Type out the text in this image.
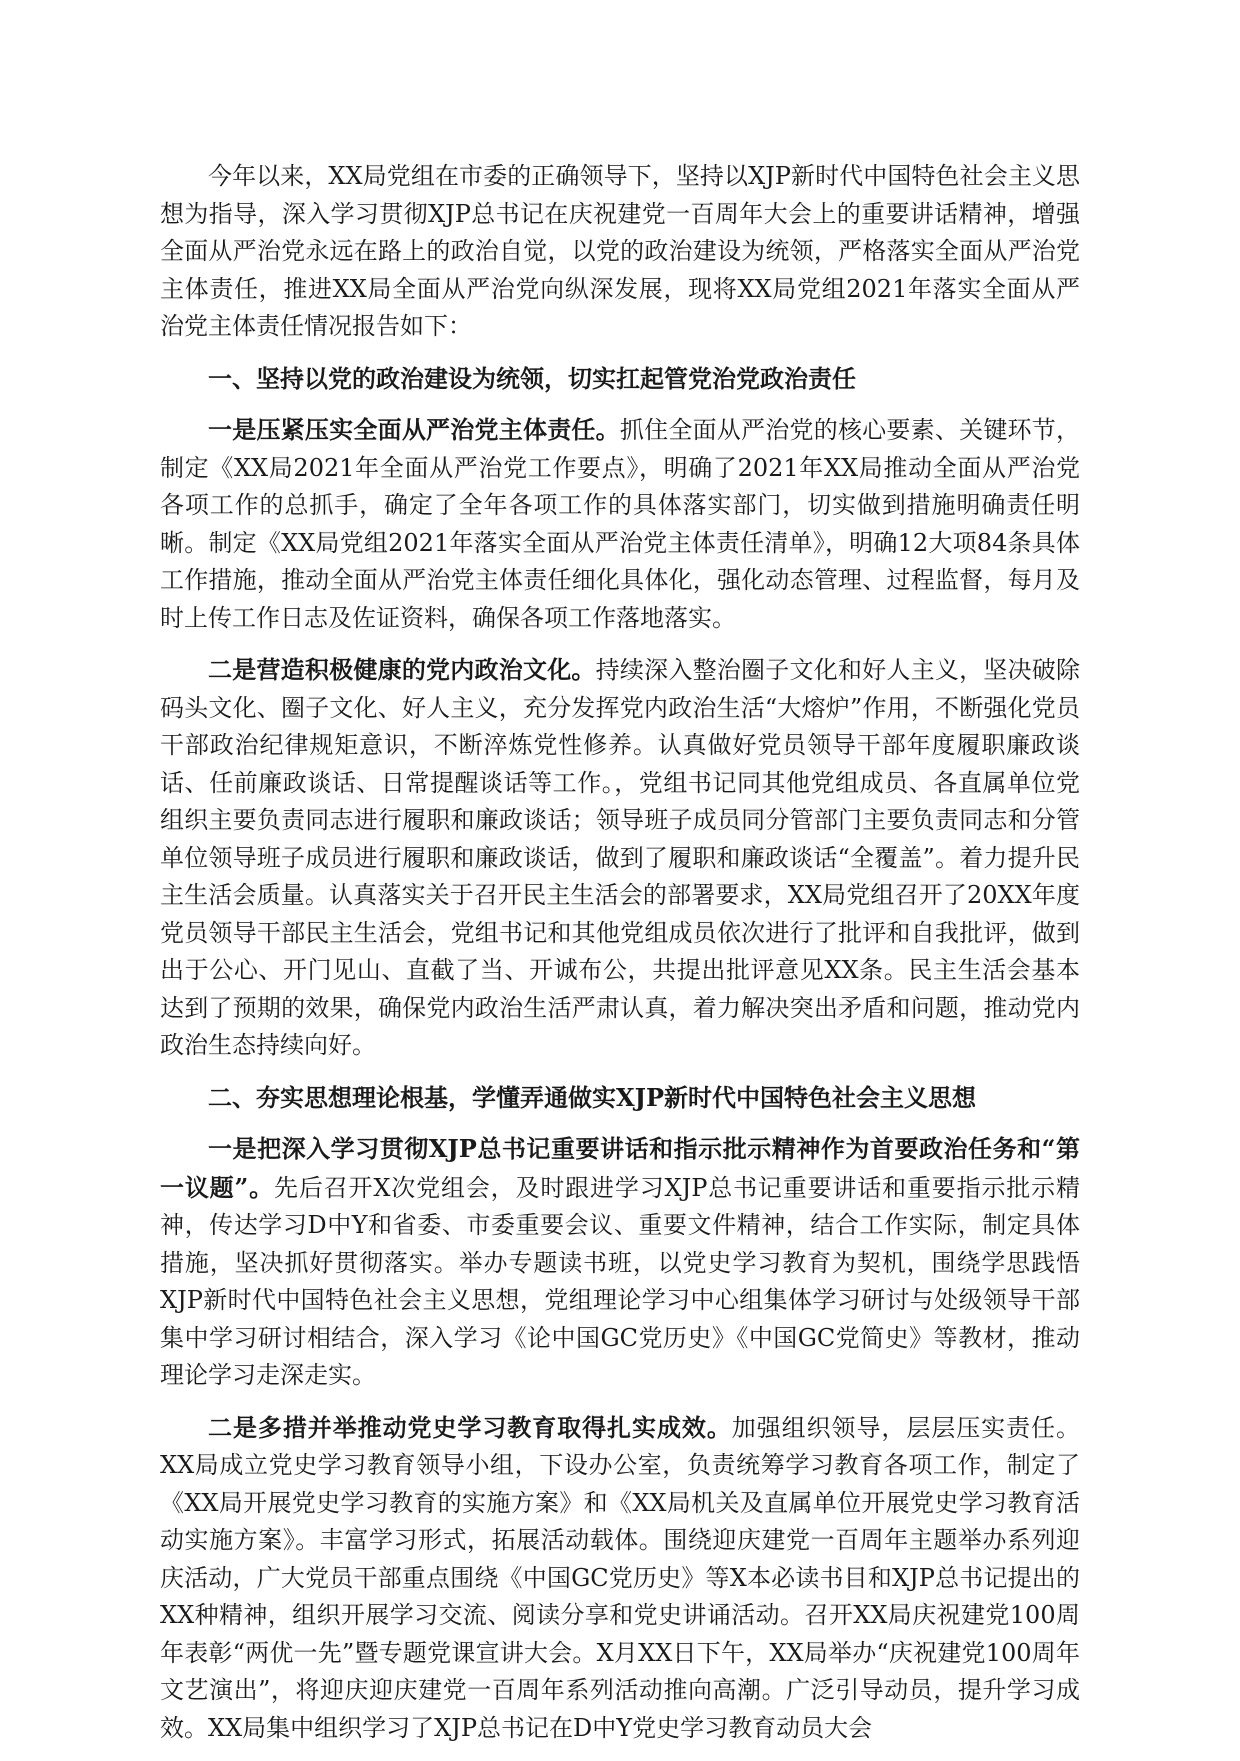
今年以来，XX局党组在市委的正确领导下，坚持以XJP新时代中国特色社会主义思想为指导，深入学习贯彻XJP总书记在庆祝建党一百周年大会上的重要讲话精神，增强全面从严治党永远在路上的政治自觉，以党的政治建设为统领，严格落实全面从严治党主体责任，推进XX局全面从严治党向纵深发展，现将XX局党组2021年落实全面从严治党主体责任情况报告如下：

一、坚持以党的政治建设为统领，切实扛起管党治党政治责任

一是压紧压实全面从严治党主体责任。抓住全面从严治党的核心要素、关键环节，制定《XX局2021年全面从严治党工作要点》，明确了2021年XX局推动全面从严治党各项工作的总抓手，确定了全年各项工作的具体落实部门，切实做到措施明确责任明晰。制定《XX局党组2021年落实全面从严治党主体责任清单》，明确12大项84条具体工作措施，推动全面从严治党主体责任细化具体化，强化动态管理、过程监督，每月及时上传工作日志及佐证资料，确保各项工作落地落实。

二是营造积极健康的党内政治文化。持续深入整治圈子文化和好人主义，坚决破除码头文化、圈子文化、好人主义，充分发挥党内政治生活“大熔炉”作用，不断强化党员干部政治纪律规矩意识，不断淬炼党性修养。认真做好党员领导干部年度履职廉政谈话、任前廉政谈话、日常提醒谈话等工作。，党组书记同其他党组成员、各直属单位党组织主要负责同志进行履职和廉政谈话；领导班子成员同分管部门主要负责同志和分管单位领导班子成员进行履职和廉政谈话，做到了履职和廉政谈话“全覆盖”。着力提升民主生活会质量。认真落实关于召开民主生活会的部署要求，XX局党组召开了20XX年度党员领导干部民主生活会，党组书记和其他党组成员依次进行了批评和自我批评，做到出于公心、开门见山、直截了当、开诚布公，共提出批评意见XX条。民主生活会基本达到了预期的效果，确保党内政治生活严肃认真，着力解决突出矛盾和问题，推动党内政治生态持续向好。

二、夯实思想理论根基，学懂弄通做实XJP新时代中国特色社会主义思想

一是把深入学习贯彻XJP总书记重要讲话和指示批示精神作为首要政治任务和“第一议题”。先后召开X次党组会，及时跟进学习XJP总书记重要讲话和重要指示批示精神，传达学习D中Y和省委、市委重要会议、重要文件精神，结合工作实际，制定具体措施，坚决抓好贯彻落实。举办专题读书班，以党史学习教育为契机，围绕学思践悟XJP新时代中国特色社会主义思想，党组理论学习中心组集体学习研讨与处级领导干部集中学习研讨相结合，深入学习《论中国GC党历史》《中国GC党简史》等教材，推动理论学习走深走实。

二是多措并举推动党史学习教育取得扎实成效。加强组织领导，层层压实责任。XX局成立党史学习教育领导小组，下设办公室，负责统筹学习教育各项工作，制定了《XX局开展党史学习教育的实施方案》和《XX局机关及直属单位开展党史学习教育活动实施方案》。丰富学习形式，拓展活动载体。围绕迎庆建党一百周年主题举办系列迎庆活动，广大党员干部重点围绕《中国GC党历史》等X本必读书目和XJP总书记提出的XX种精神，组织开展学习交流、阅读分享和党史讲诵活动。召开XX局庆祝建党100周年表彰“两优一先”暨专题党课宣讲大会。X月XX日下午，XX局举办“庆祝建党100周年文艺演出”，将迎庆迎庆建党一百周年系列活动推向高潮。广泛引导动员，提升学习成效。XX局集中组织学习了XJP总书记在D中Y党史学习教育动员大会
